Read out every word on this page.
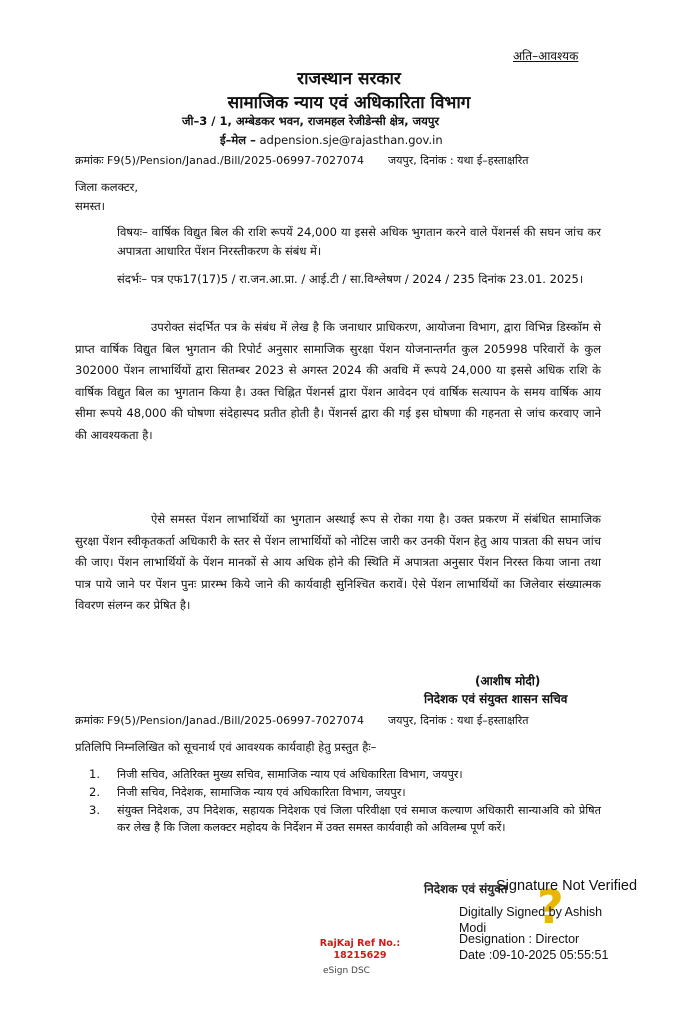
अति–आवश्यक
राजस्थान सरकार
सामाजिक न्याय एवं अधिकारिता विभाग
जी–3 / 1, अम्बेडकर भवन, राजमहल रेजीडेन्सी क्षेत्र, जयपुर
ई–मेल – adpension.sje@rajasthan.gov.in
क्रमांकः F9(5)/Pension/Janad./Bill/2025-06997-7027074 जयपुर, दिनांक : यथा ई–हस्ताक्षरित
जिला कलक्टर,
समस्त।
विषयः– वार्षिक विद्युत बिल की राशि रूपयें 24,000 या इससे अधिक भुगतान करने वाले पेंशनर्स की सघन जांच कर अपात्रता आधारित पेंशन निरस्तीकरण के संबंध में।
संदर्भः– पत्र एफ17(17)5 / रा.जन.आ.प्रा. / आई.टी / सा.विश्लेषण / 2024 / 235 दिनांक 23.01. 2025।
उपरोक्त संदर्भित पत्र के संबंध में लेख है कि जनाधार प्राधिकरण, आयोजना विभाग, द्वारा विभिन्न डिस्कॉम से प्राप्त वार्षिक विद्युत बिल भुगतान की रिपोर्ट अनुसार सामाजिक सुरक्षा पेंशन योजनान्तर्गत कुल 205998 परिवारों के कुल 302000 पेंशन लाभार्थियों द्वारा सितम्बर 2023 से अगस्त 2024 की अवधि में रूपये 24,000 या इससे अधिक राशि के वार्षिक विद्युत बिल का भुगतान किया है। उक्त चिह्नित पेंशनर्स द्वारा पेंशन आवेदन एवं वार्षिक सत्यापन के समय वार्षिक आय सीमा रूपये 48,000 की घोषणा संदेहास्पद प्रतीत होती है। पेंशनर्स द्वारा की गई इस घोषणा की गहनता से जांच करवाए जाने की आवश्यकता है।
ऐसे समस्त पेंशन लाभार्थियों का भुगतान अस्थाई रूप से रोका गया है। उक्त प्रकरण में संबंधित सामाजिक सुरक्षा पेंशन स्वीकृतकर्ता अधिकारी के स्तर से पेंशन लाभार्थियों को नोटिस जारी कर उनकी पेंशन हेतु आय पात्रता की सघन जांच की जाए। पेंशन लाभार्थियों के पेंशन मानकों से आय अधिक होने की स्थिति में अपात्रता अनुसार पेंशन निरस्त किया जाना तथा पात्र पाये जाने पर पेंशन पुनः प्रारम्भ किये जाने की कार्यवाही सुनिश्चित करावें। ऐसे पेंशन लाभार्थियों का जिलेवार संख्यात्मक विवरण संलग्न कर प्रेषित है।
(आशीष मोदी)
निदेशक एवं संयुक्त शासन सचिव
क्रमांकः F9(5)/Pension/Janad./Bill/2025-06997-7027074 जयपुर, दिनांक : यथा ई–हस्ताक्षरित
प्रतिलिपि निम्नलिखित को सूचनार्थ एवं आवश्यक कार्यवाही हेतु प्रस्तुत हैः–
1. निजी सचिव, अतिरिक्त मुख्य सचिव, सामाजिक न्याय एवं अधिकारिता विभाग, जयपुर।
2. निजी सचिव, निदेशक, सामाजिक न्याय एवं अधिकारिता विभाग, जयपुर।
3. संयुक्त निदेशक, उप निदेशक, सहायक निदेशक एवं जिला परिवीक्षा एवं समाज कल्याण अधिकारी सान्याअवि को प्रेषित कर लेख है कि जिला कलक्टर महोदय के निर्देशन में उक्त समस्त कार्यवाही को अविलम्ब पूर्ण करें।
निदेशक एवं संयुक्त ?
Signature Not Verified
Digitally Signed by Ashish
Modi
Designation : Director
Date :09-10-2025 05:55:51
RajKaj Ref No.:
18215629
eSign DSC
